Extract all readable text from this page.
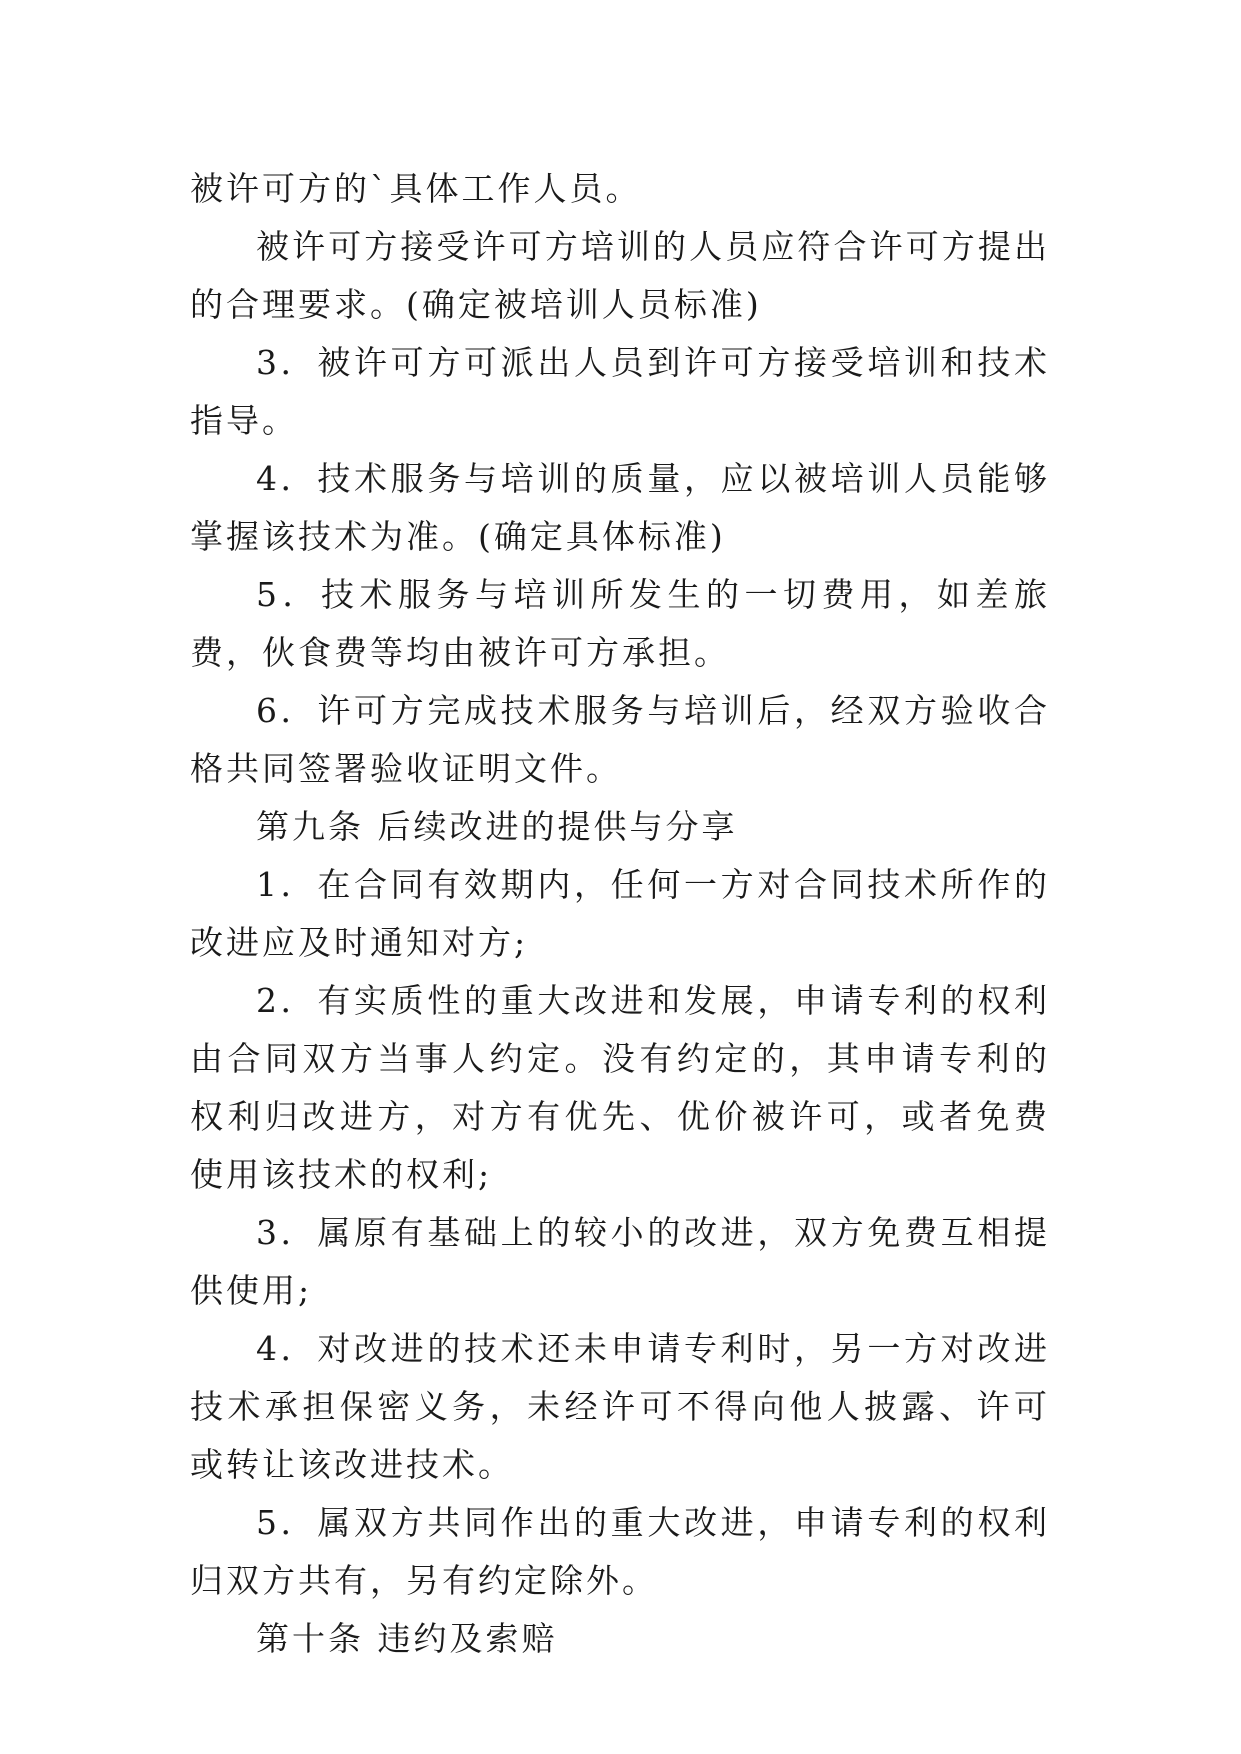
被许可方的`具体工作人员。

被许可方接受许可方培训的人员应符合许可方提出的合理要求。(确定被培训人员标准)

3．被许可方可派出人员到许可方接受培训和技术指导。

4．技术服务与培训的质量，应以被培训人员能够掌握该技术为准。(确定具体标准)

5．技术服务与培训所发生的一切费用，如差旅费，伙食费等均由被许可方承担。

6．许可方完成技术服务与培训后，经双方验收合格共同签署验收证明文件。

第九条 后续改进的提供与分享

1．在合同有效期内，任何一方对合同技术所作的改进应及时通知对方;

2．有实质性的重大改进和发展，申请专利的权利由合同双方当事人约定。没有约定的，其申请专利的权利归改进方，对方有优先、优价被许可，或者免费使用该技术的权利;

3．属原有基础上的较小的改进，双方免费互相提供使用;

4．对改进的技术还未申请专利时，另一方对改进技术承担保密义务，未经许可不得向他人披露、许可或转让该改进技术。

5．属双方共同作出的重大改进，申请专利的权利归双方共有，另有约定除外。

第十条 违约及索赔
